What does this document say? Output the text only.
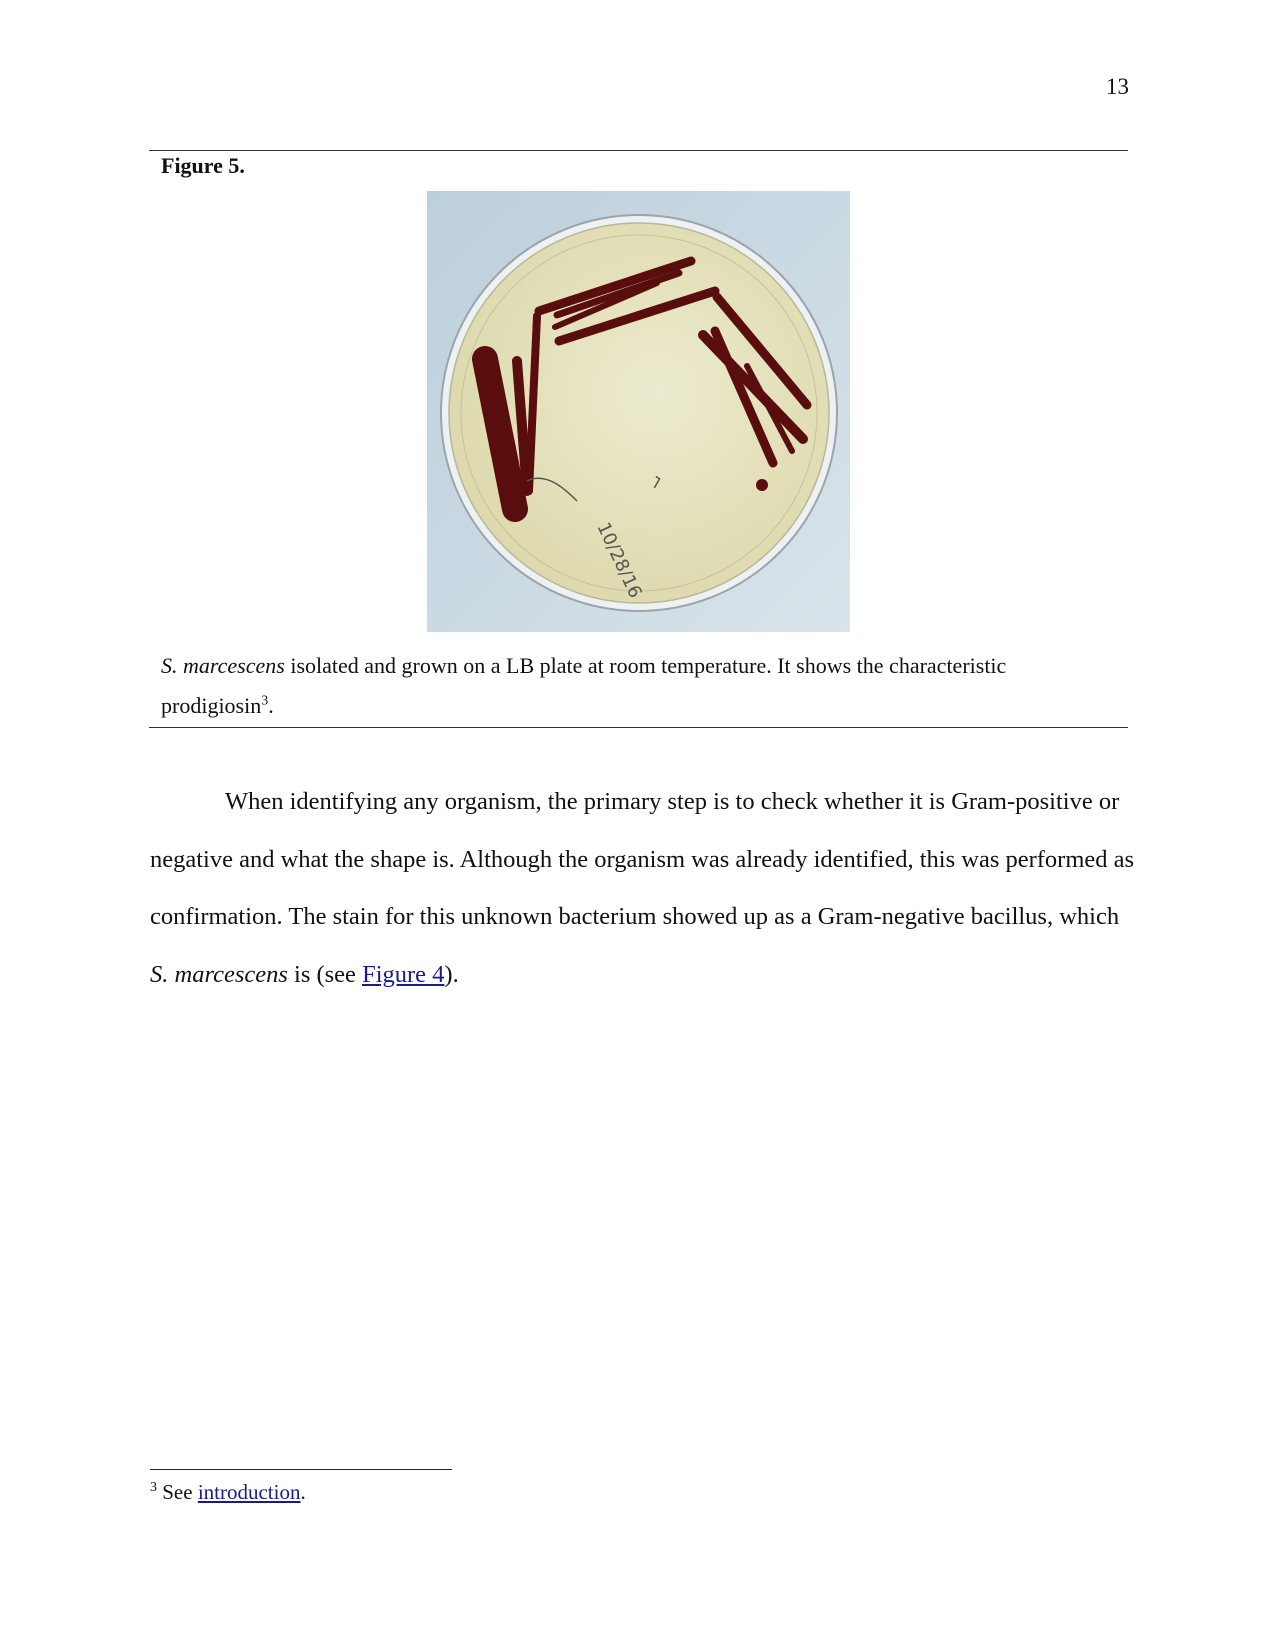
13
Figure 5.
⌐
10/28/16
S. marcescens isolated and grown on a LB plate at room temperature. It shows the characteristic prodigiosin$^3$.

When identifying any organism, the primary step is to check whether it is Gram-positive or negative and what the shape is. Although the organism was already identified, this was performed as confirmation. The stain for this unknown bacterium showed up as a Gram-negative bacillus, which S. marcescens is (see Figure 4).

$^3$ See introduction.
